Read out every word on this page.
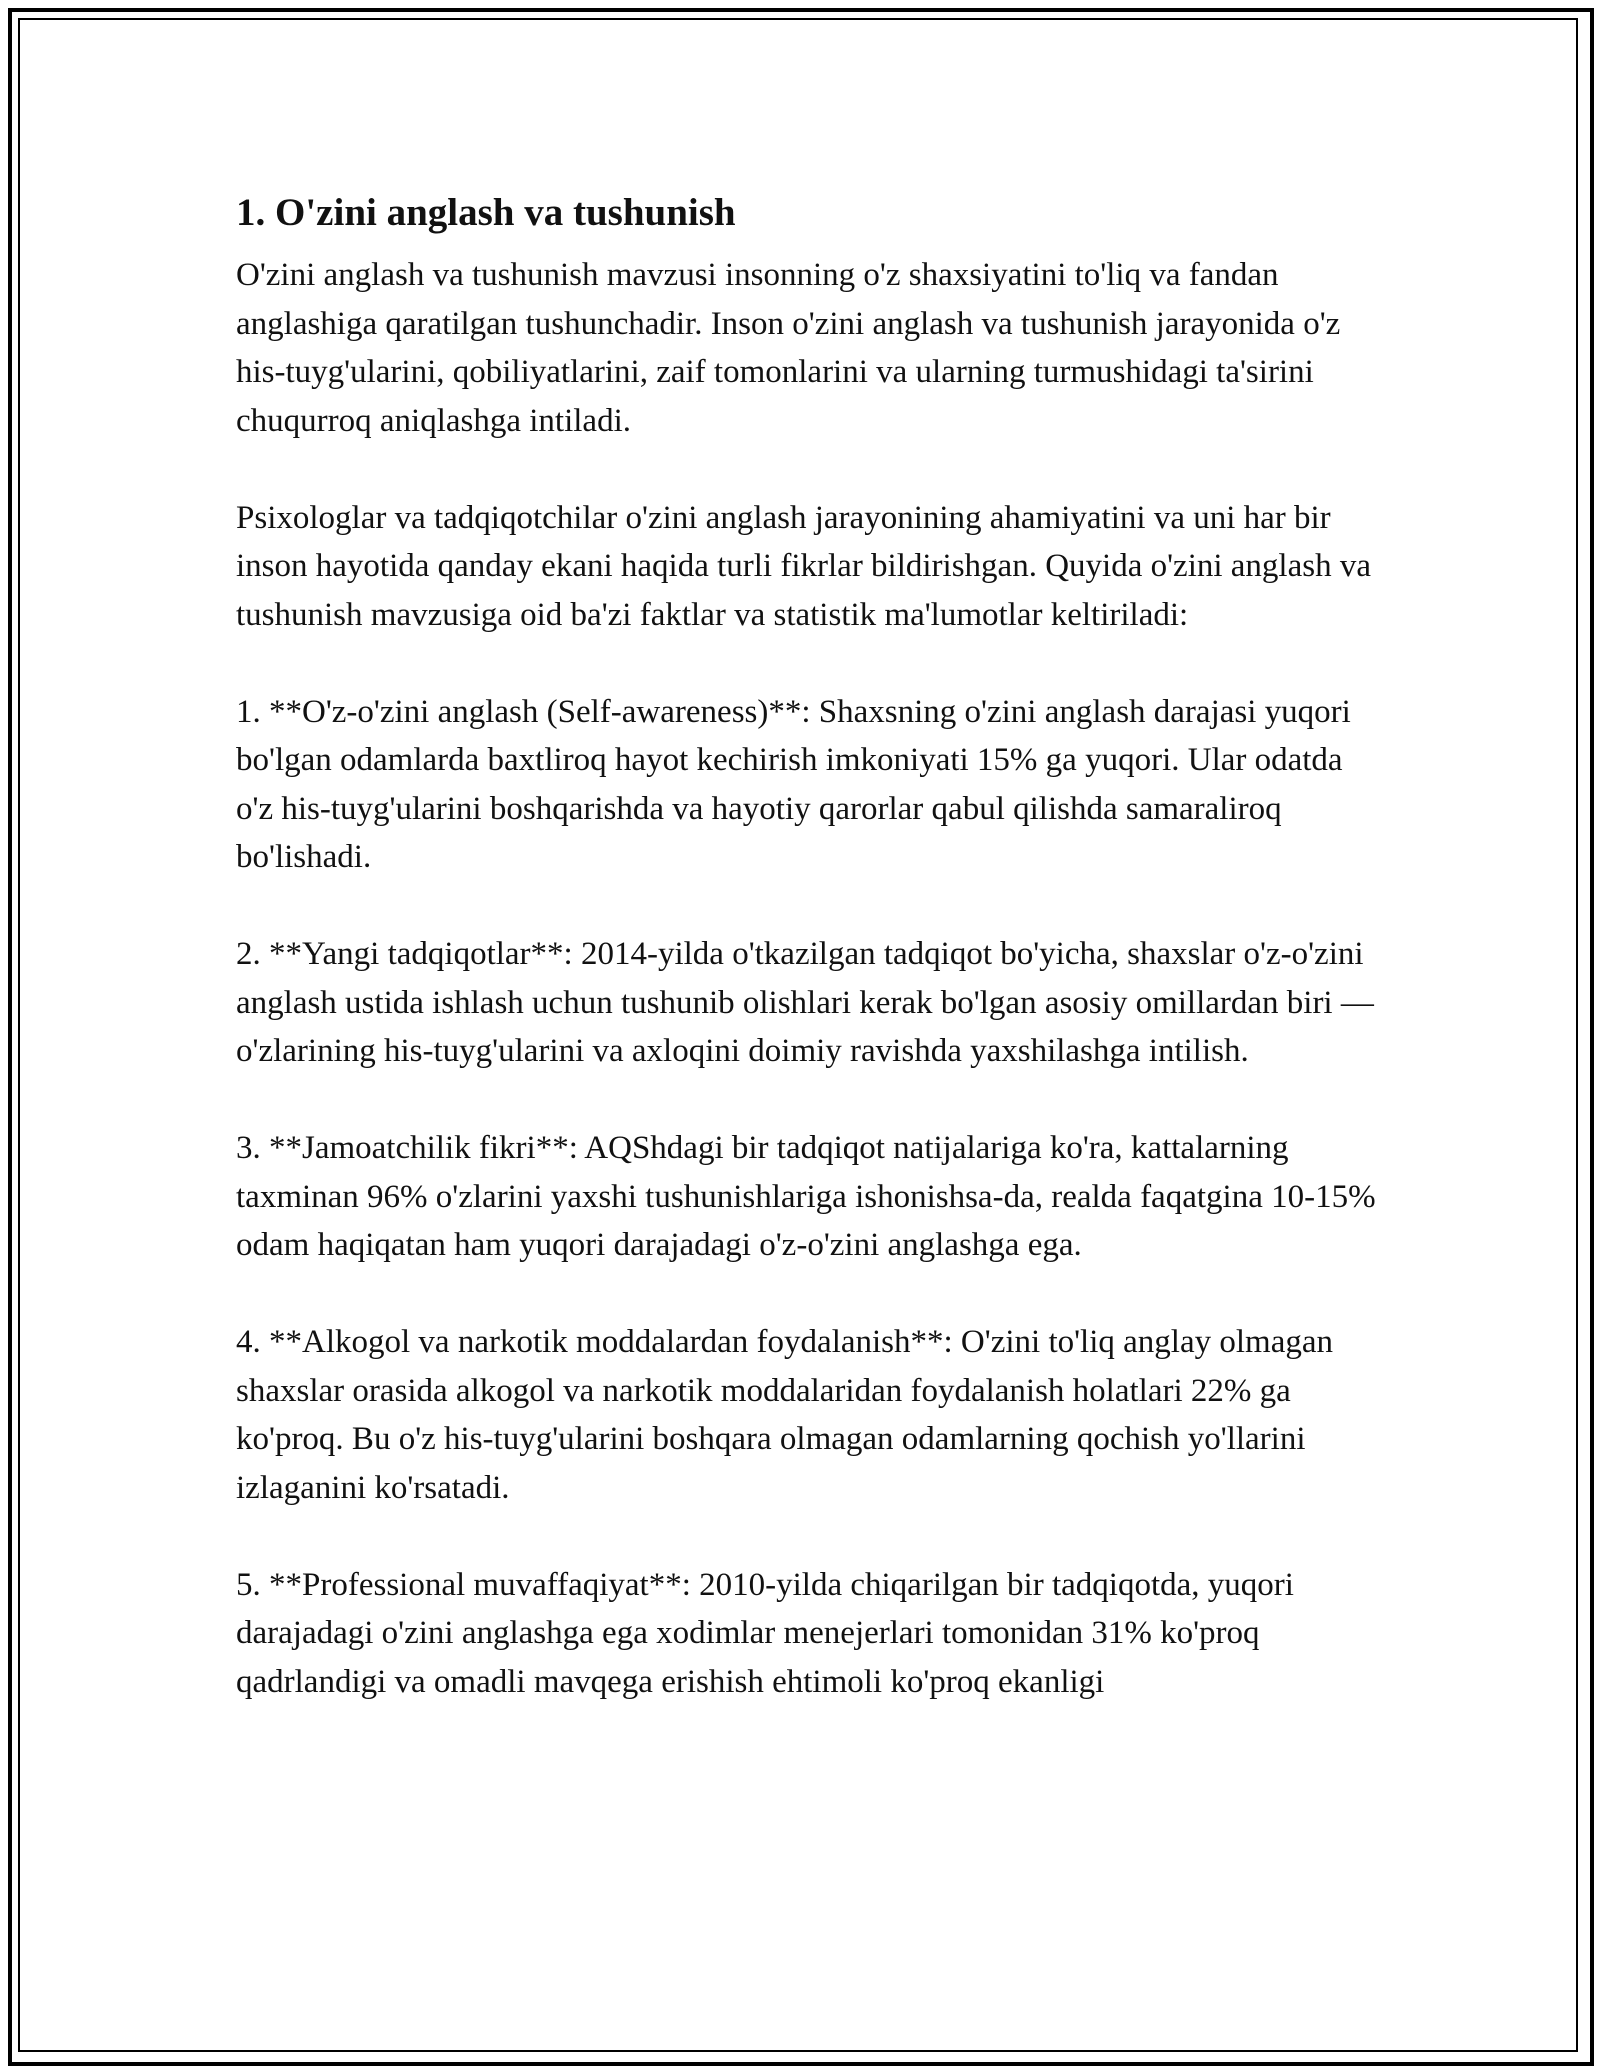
1. O'zini anglash va tushunish

O'zini anglash va tushunish mavzusi insonning o'z shaxsiyatini to'liq va fandan anglashiga qaratilgan tushunchadir. Inson o'zini anglash va tushunish jarayonida o'z his-tuyg'ularini, qobiliyatlarini, zaif tomonlarini va ularning turmushidagi ta'sirini chuqurroq aniqlashga intiladi.

Psixologlar va tadqiqotchilar o'zini anglash jarayonining ahamiyatini va uni har bir inson hayotida qanday ekani haqida turli fikrlar bildirishgan. Quyida o'zini anglash va tushunish mavzusiga oid ba'zi faktlar va statistik ma'lumotlar keltiriladi:

1. **O'z-o'zini anglash (Self-awareness)**: Shaxsning o'zini anglash darajasi yuqori bo'lgan odamlarda baxtliroq hayot kechirish imkoniyati 15% ga yuqori. Ular odatda o'z his-tuyg'ularini boshqarishda va hayotiy qarorlar qabul qilishda samaraliroq bo'lishadi.

2. **Yangi tadqiqotlar**: 2014-yilda o'tkazilgan tadqiqot bo'yicha, shaxslar o'z-o'zini anglash ustida ishlash uchun tushunib olishlari kerak bo'lgan asosiy omillardan biri — o'zlarining his-tuyg'ularini va axloqini doimiy ravishda yaxshilashga intilish.

3. **Jamoatchilik fikri**: AQShdagi bir tadqiqot natijalariga ko'ra, kattalarning taxminan 96% o'zlarini yaxshi tushunishlariga ishonishsa-da, realda faqatgina 10-15% odam haqiqatan ham yuqori darajadagi o'z-o'zini anglashga ega.

4. **Alkogol va narkotik moddalardan foydalanish**: O'zini to'liq anglay olmagan shaxslar orasida alkogol va narkotik moddalaridan foydalanish holatlari 22% ga ko'proq. Bu o'z his-tuyg'ularini boshqara olmagan odamlarning qochish yo'llarini izlaganini ko'rsatadi.

5. **Professional muvaffaqiyat**: 2010-yilda chiqarilgan bir tadqiqotda, yuqori darajadagi o'zini anglashga ega xodimlar menejerlari tomonidan 31% ko'proq qadrlandigi va omadli mavqega erishish ehtimoli ko'proq ekanligi
